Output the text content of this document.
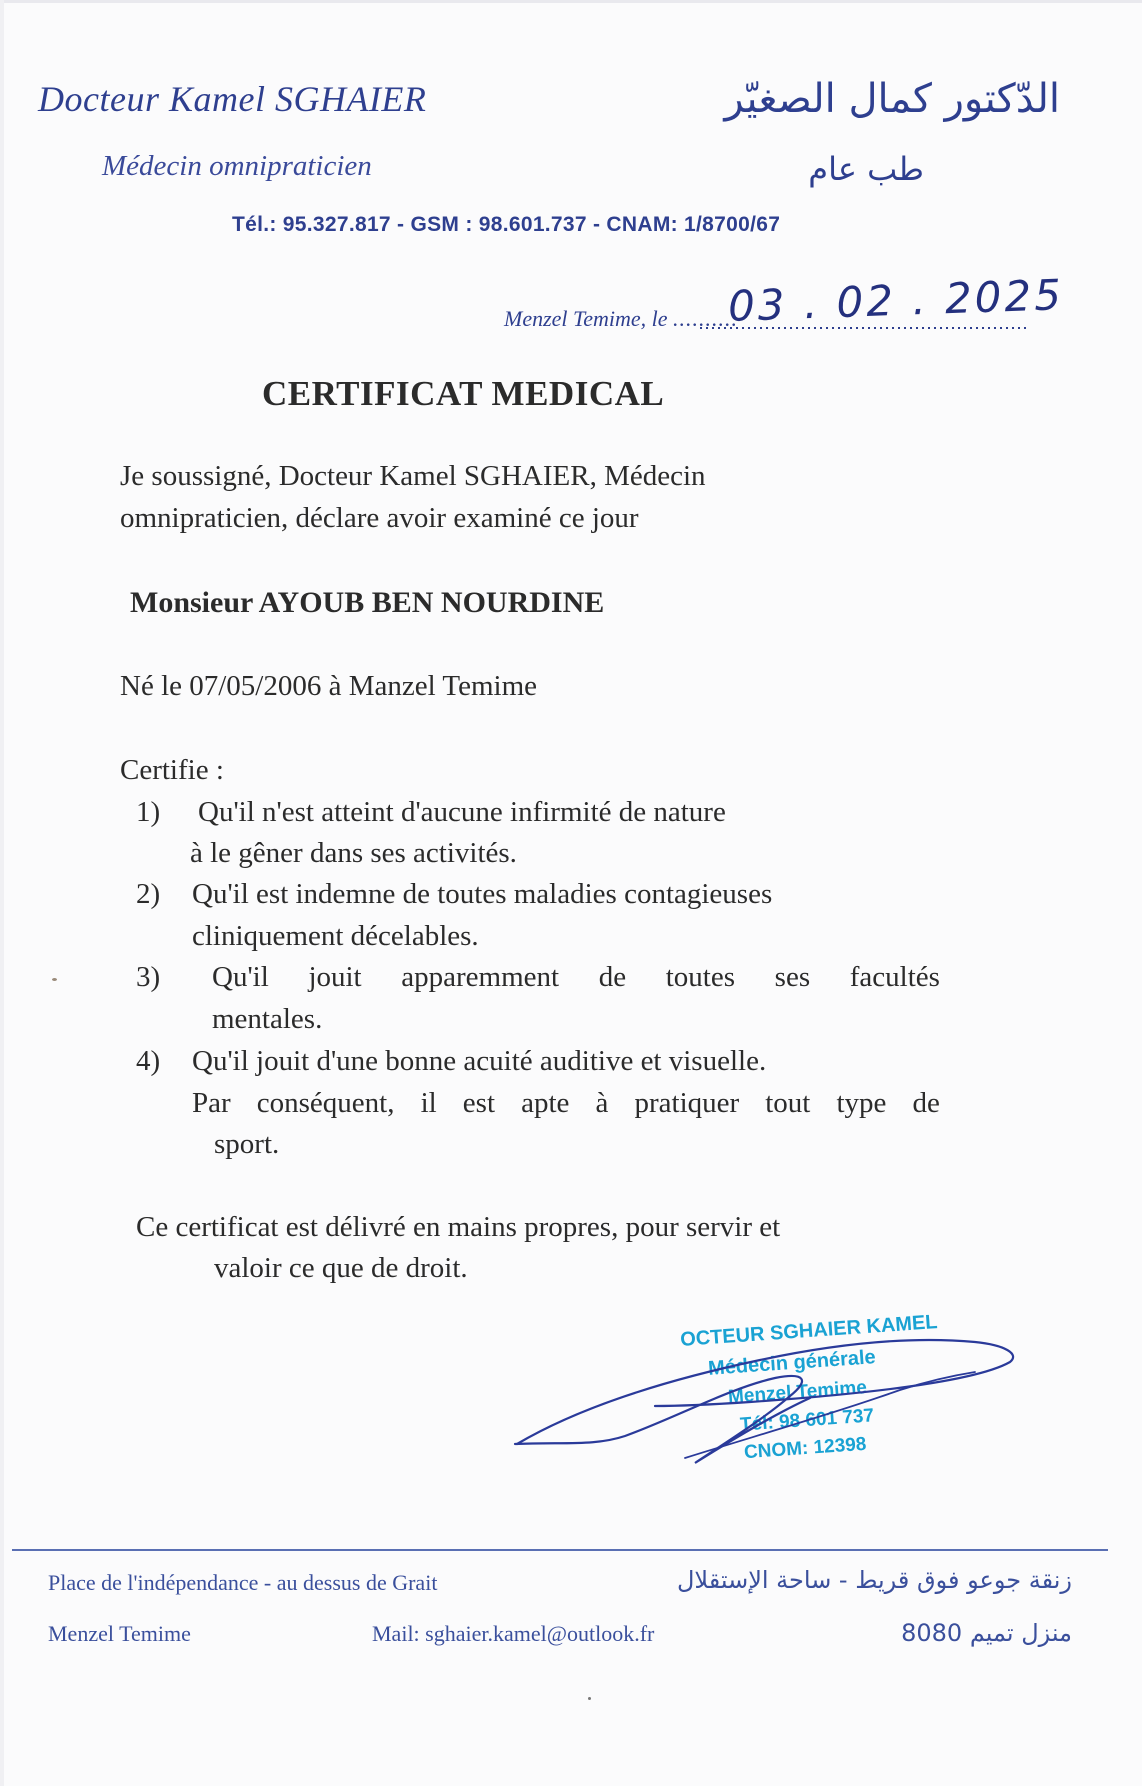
Docteur Kamel SGHAIER
Médecin omnipraticien
الدّكتور كمال الصغيّر
طب عام
Tél.: 95.327.817 - GSM : 98.601.737 - CNAM: 1/8700/67
Menzel Temime, le ..........
03 . 02 . 2025
CERTIFICAT MEDICAL
Je soussigné, Docteur Kamel SGHAIER, Médecin
omnipraticien, déclare avoir examiné ce jour
Monsieur AYOUB BEN NOURDINE
Né le 07/05/2006 à Manzel Temime
Certifie :
1) Qu'il n'est atteint d'aucune infirmité de nature
à le gêner dans ses activités.
2) Qu'il est indemne de toutes maladies contagieuses
cliniquement décelables.
3) Qu'il jouit apparemment de toutes ses facultés
mentales.
4) Qu'il jouit d'une bonne acuité auditive et visuelle.
Par conséquent, il est apte à pratiquer tout type de
sport.
Ce certificat est délivré en mains propres, pour servir et
valoir ce que de droit.
OCTEUR SGHAIER KAMEL
Médecin générale
Menzel Temime
Tél: 98 601 737
CNOM: 12398
Place de l'indépendance - au dessus de Grait
Menzel Temime	Mail: sghaier.kamel@outlook.fr
زنقة جوعو فوق قريط - ساحة الإستقلال
منزل تميم 8080
